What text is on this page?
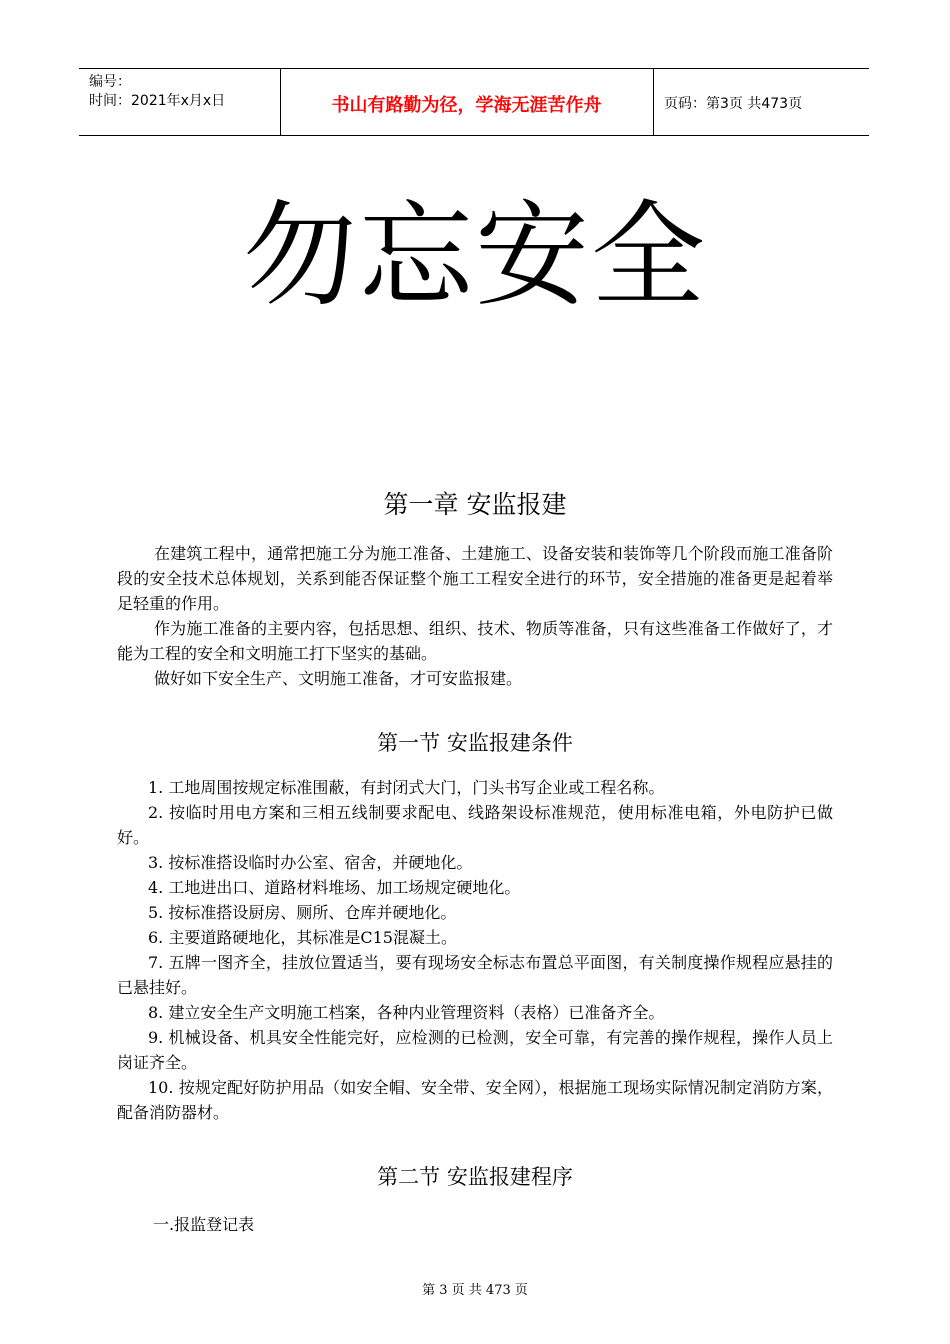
编号：
时间：2021年x月x日	书山有路勤为径，学海无涯苦作舟	页码：第3页 共473页
勿忘安全
第一章 安监报建

在建筑工程中，通常把施工分为施工准备、土建施工、设备安装和装饰等几个阶段而施工准备阶段的安全技术总体规划，关系到能否保证整个施工工程安全进行的环节，安全措施的准备更是起着举足轻重的作用。

作为施工准备的主要内容，包括思想、组织、技术、物质等准备，只有这些准备工作做好了，才能为工程的安全和文明施工打下坚实的基础。

做好如下安全生产、文明施工准备，才可安监报建。

第一节 安监报建条件

1. 工地周围按规定标准围蔽，有封闭式大门，门头书写企业或工程名称。

2. 按临时用电方案和三相五线制要求配电、线路架设标准规范，使用标准电箱，外电防护已做好。

3. 按标准搭设临时办公室、宿舍，并硬地化。

4. 工地进出口、道路材料堆场、加工场规定硬地化。

5. 按标准搭设厨房、厕所、仓库并硬地化。

6. 主要道路硬地化，其标准是C15混凝土。

7. 五牌一图齐全，挂放位置适当，要有现场安全标志布置总平面图，有关制度操作规程应悬挂的已悬挂好。

8. 建立安全生产文明施工档案，各种内业管理资料（表格）已准备齐全。

9. 机械设备、机具安全性能完好，应检测的已检测，安全可靠，有完善的操作规程，操作人员上岗证齐全。

10. 按规定配好防护用品（如安全帽、安全带、安全网），根据施工现场实际情况制定消防方案，配备消防器材。

第二节 安监报建程序
一.报监登记表
第 3 页 共 473 页
